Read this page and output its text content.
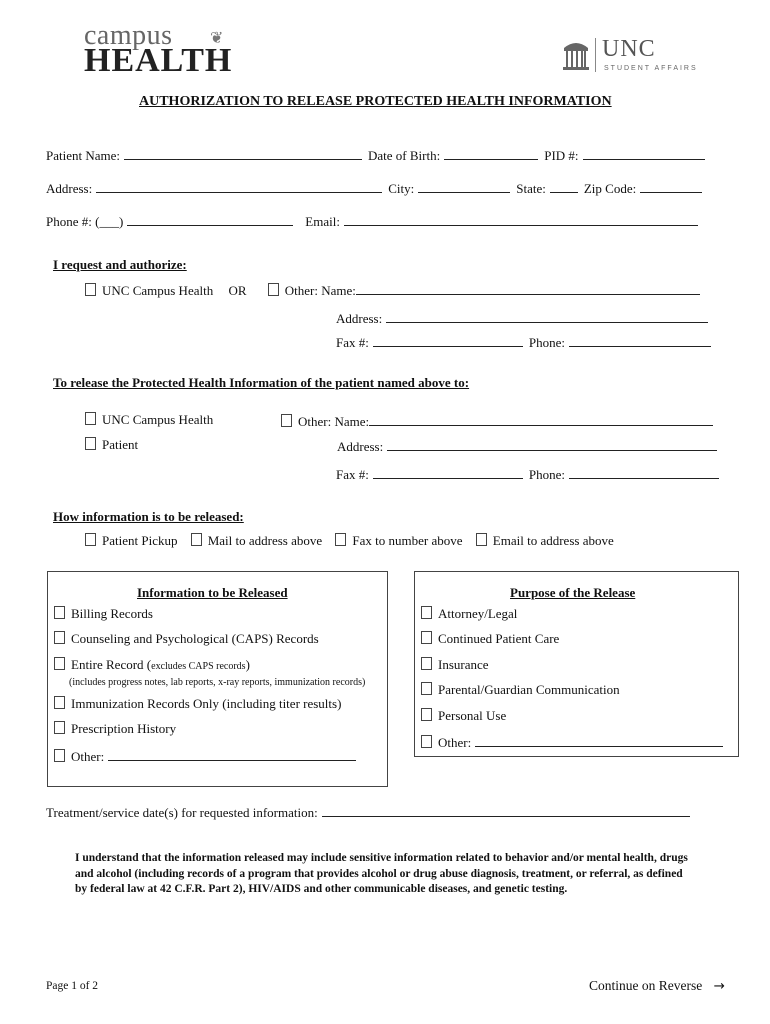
campus
HEALTH
❦	UNC
STUDENT AFFAIRS
AUTHORIZATION TO RELEASE PROTECTED HEALTH INFORMATION
Patient Name:	Date of Birth:	PID #:
Address:	City:	State:	Zip Code:
Phone #: (___)	Email:
I request and authorize:
UNC Campus Health OR	Other: Name:
Address:
Fax #:	Phone:
To release the Protected Health Information of the patient named above to:
UNC Campus Health	Other: Name:
Patient	Address:
Fax #:	Phone:
How information is to be released:
Patient Pickup Mail to address above Fax to number above Email to address above
Information to be Released
Billing Records
Counseling and Psychological (CAPS) Records
Entire Record (excludes CAPS records)
(includes progress notes, lab reports, x-ray reports, immunization records)
Immunization Records Only (including titer results)
Prescription History
Other:
Purpose of the Release
Attorney/Legal
Continued Patient Care
Insurance
Parental/Guardian Communication
Personal Use
Other:
Treatment/service date(s) for requested information:
I understand that the information released may include sensitive information related to behavior and/or mental health, drugs and alcohol (including records of a program that provides alcohol or drug abuse diagnosis, treatment, or referral, as defined by federal law at 42 C.F.R. Part 2), HIV/AIDS and other communicable diseases, and genetic testing.
Page 1 of 2	Continue on Reverse →
